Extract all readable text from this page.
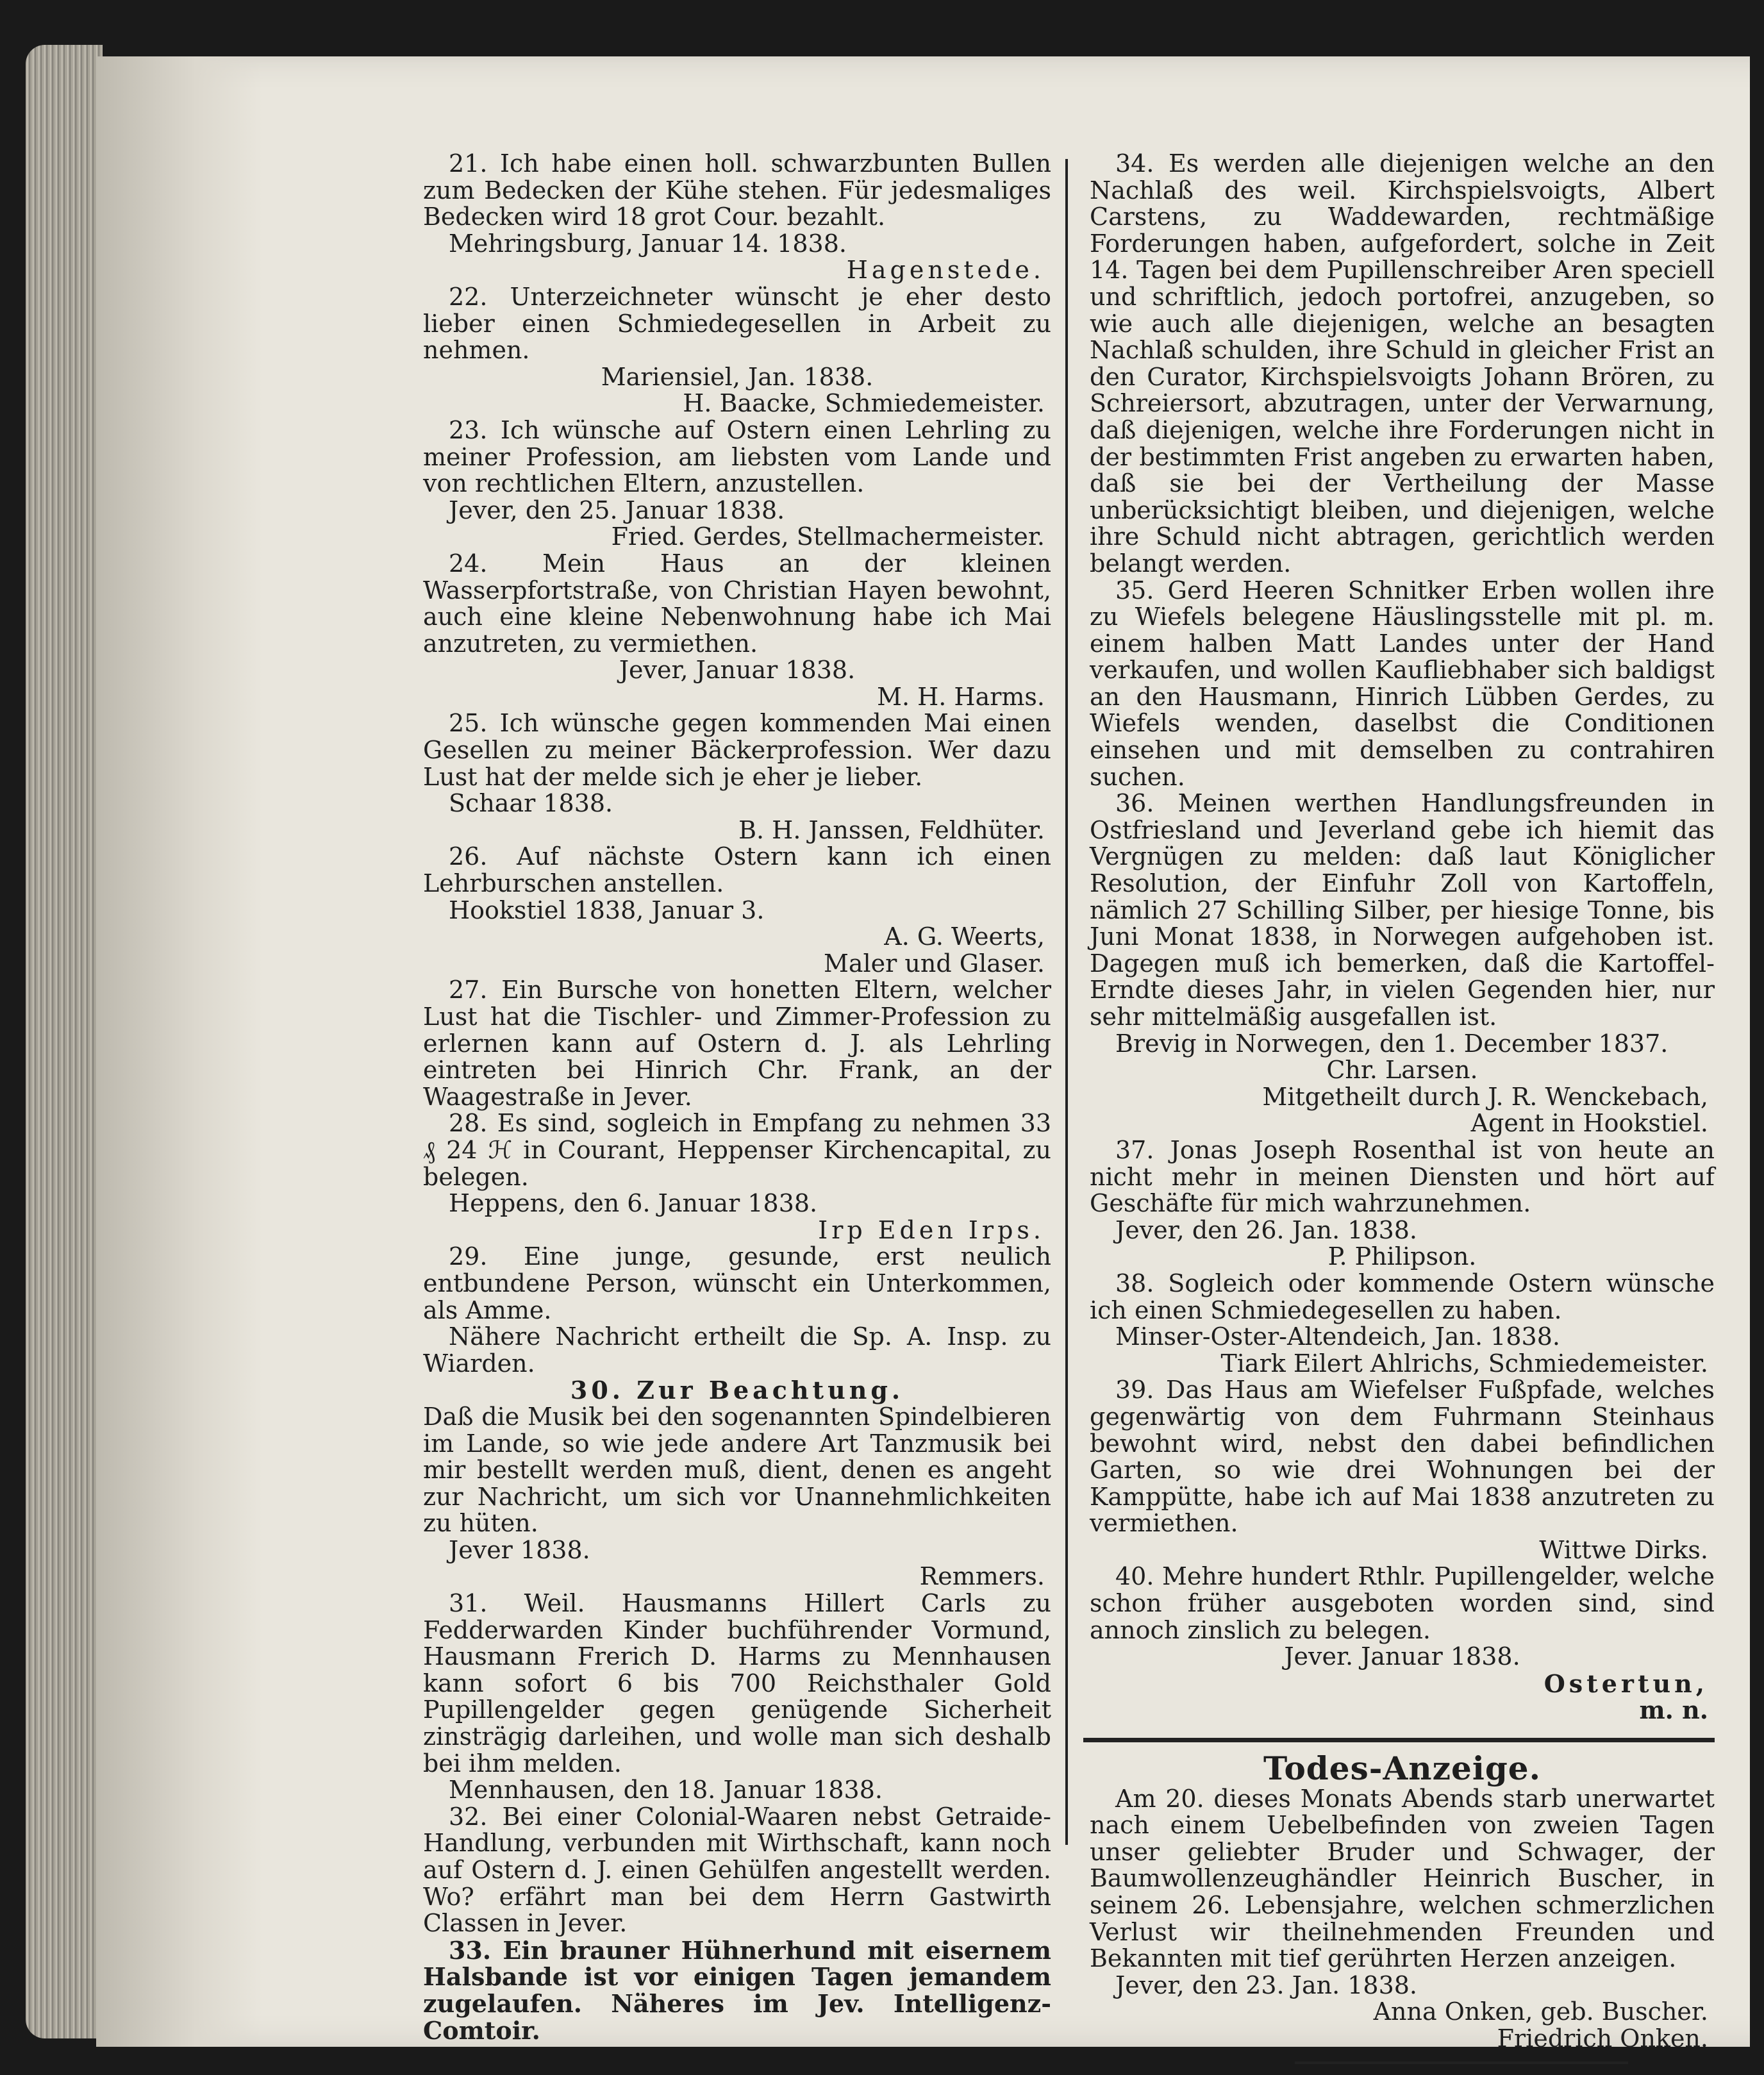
21. Ich habe einen holl. schwarzbunten Bullen zum Bedecken der Kühe stehen. Für jedesmaliges Bedecken wird 18 grot Cour. bezahlt.

Mehringsburg, Januar 14. 1838.

Hagenstede.

22. Unterzeichneter wünscht je eher desto lieber einen Schmiedegesellen in Arbeit zu nehmen.

Mariensiel, Jan. 1838.

H. Baacke, Schmiedemeister.

23. Ich wünsche auf Ostern einen Lehrling zu meiner Profession, am liebsten vom Lande und von rechtlichen Eltern, anzustellen.

Jever, den 25. Januar 1838.

Fried. Gerdes, Stellmachermeister.

24. Mein Haus an der kleinen Wasserpfortstraße, von Christian Hayen bewohnt, auch eine kleine Nebenwohnung habe ich Mai anzutreten, zu vermiethen.

Jever, Januar 1838.

M. H. Harms.

25. Ich wünsche gegen kommenden Mai einen Gesellen zu meiner Bäckerprofession. Wer dazu Lust hat der melde sich je eher je lieber.

Schaar 1838.

B. H. Janssen, Feldhüter.

26. Auf nächste Ostern kann ich einen Lehrburschen anstellen.

Hookstiel 1838, Januar 3.

A. G. Weerts,

Maler und Glaser.

27. Ein Bursche von honetten Eltern, welcher Lust hat die Tischler- und Zimmer-Profession zu erlernen kann auf Ostern d. J. als Lehrling eintreten bei Hinrich Chr. Frank, an der Waagestraße in Jever.

28. Es sind, sogleich in Empfang zu nehmen 33 ₰ 24 ℋ in Courant, Heppenser Kirchencapital, zu belegen.

Heppens, den 6. Januar 1838.

Irp Eden Irps.

29. Eine junge, gesunde, erst neulich entbundene Person, wünscht ein Unterkommen, als Amme.

Nähere Nachricht ertheilt die Sp. A. Insp. zu Wiarden.

30. Zur Beachtung.

Daß die Musik bei den sogenannten Spindelbieren im Lande, so wie jede andere Art Tanzmusik bei mir bestellt werden muß, dient, denen es angeht zur Nachricht, um sich vor Unannehmlichkeiten zu hüten.

Jever 1838.

Remmers.

31. Weil. Hausmanns Hillert Carls zu Fedderwarden Kinder buchführender Vormund, Hausmann Frerich D. Harms zu Mennhausen kann sofort 6 bis 700 Reichsthaler Gold Pupillengelder gegen genügende Sicherheit zinsträgig darleihen, und wolle man sich deshalb bei ihm melden.

Mennhausen, den 18. Januar 1838.

32. Bei einer Colonial-Waaren nebst Getraide-Handlung, verbunden mit Wirthschaft, kann noch auf Ostern d. J. einen Gehülfen angestellt werden. Wo? erfährt man bei dem Herrn Gastwirth Classen in Jever.

33. Ein brauner Hühnerhund mit eisernem Halsbande ist vor einigen Tagen jemandem zugelaufen. Näheres im Jev. Intelligenz-Comtoir.

34. Es werden alle diejenigen welche an den Nachlaß des weil. Kirchspielsvoigts, Albert Carstens, zu Waddewarden, rechtmäßige Forderungen haben, aufgefordert, solche in Zeit 14. Tagen bei dem Pupillenschreiber Aren speciell und schriftlich, jedoch portofrei, anzugeben, so wie auch alle diejenigen, welche an besagten Nachlaß schulden, ihre Schuld in gleicher Frist an den Curator, Kirchspielsvoigts Johann Brören, zu Schreiersort, abzutragen, unter der Verwarnung, daß diejenigen, welche ihre Forderungen nicht in der bestimmten Frist angeben zu erwarten haben, daß sie bei der Vertheilung der Masse unberücksichtigt bleiben, und diejenigen, welche ihre Schuld nicht abtragen, gerichtlich werden belangt werden.

35. Gerd Heeren Schnitker Erben wollen ihre zu Wiefels belegene Häuslingsstelle mit pl. m. einem halben Matt Landes unter der Hand verkaufen, und wollen Kaufliebhaber sich baldigst an den Hausmann, Hinrich Lübben Gerdes, zu Wiefels wenden, daselbst die Conditionen einsehen und mit demselben zu contrahiren suchen.

36. Meinen werthen Handlungsfreunden in Ostfriesland und Jeverland gebe ich hiemit das Vergnügen zu melden: daß laut Königlicher Resolution, der Einfuhr Zoll von Kartoffeln, nämlich 27 Schilling Silber, per hiesige Tonne, bis Juni Monat 1838, in Norwegen aufgehoben ist. Dagegen muß ich bemerken, daß die Kartoffel-Erndte dieses Jahr, in vielen Gegenden hier, nur sehr mittelmäßig ausgefallen ist.

Brevig in Norwegen, den 1. December 1837.

Chr. Larsen.

Mitgetheilt durch J. R. Wenckebach,

Agent in Hookstiel.

37. Jonas Joseph Rosenthal ist von heute an nicht mehr in meinen Diensten und hört auf Geschäfte für mich wahrzunehmen.

Jever, den 26. Jan. 1838.

P. Philipson.

38. Sogleich oder kommende Ostern wünsche ich einen Schmiedegesellen zu haben.

Minser-Oster-Altendeich, Jan. 1838.

Tiark Eilert Ahlrichs, Schmiedemeister.

39. Das Haus am Wiefelser Fußpfade, welches gegenwärtig von dem Fuhrmann Steinhaus bewohnt wird, nebst den dabei befindlichen Garten, so wie drei Wohnungen bei der Kamppütte, habe ich auf Mai 1838 anzutreten zu vermiethen.

Wittwe Dirks.

40. Mehre hundert Rthlr. Pupillengelder, welche schon früher ausgeboten worden sind, sind annoch zinslich zu belegen.

Jever. Januar 1838.

Ostertun,

m. n.

Todes-Anzeige.

Am 20. dieses Monats Abends starb unerwartet nach einem Uebelbefinden von zweien Tagen unser geliebter Bruder und Schwager, der Baumwollenzeughändler Heinrich Buscher, in seinem 26. Lebensjahre, welchen schmerzlichen Verlust wir theilnehmenden Freunden und Bekannten mit tief gerührten Herzen anzeigen.

Jever, den 23. Jan. 1838.

Anna Onken, geb. Buscher.

Friedrich Onken.
